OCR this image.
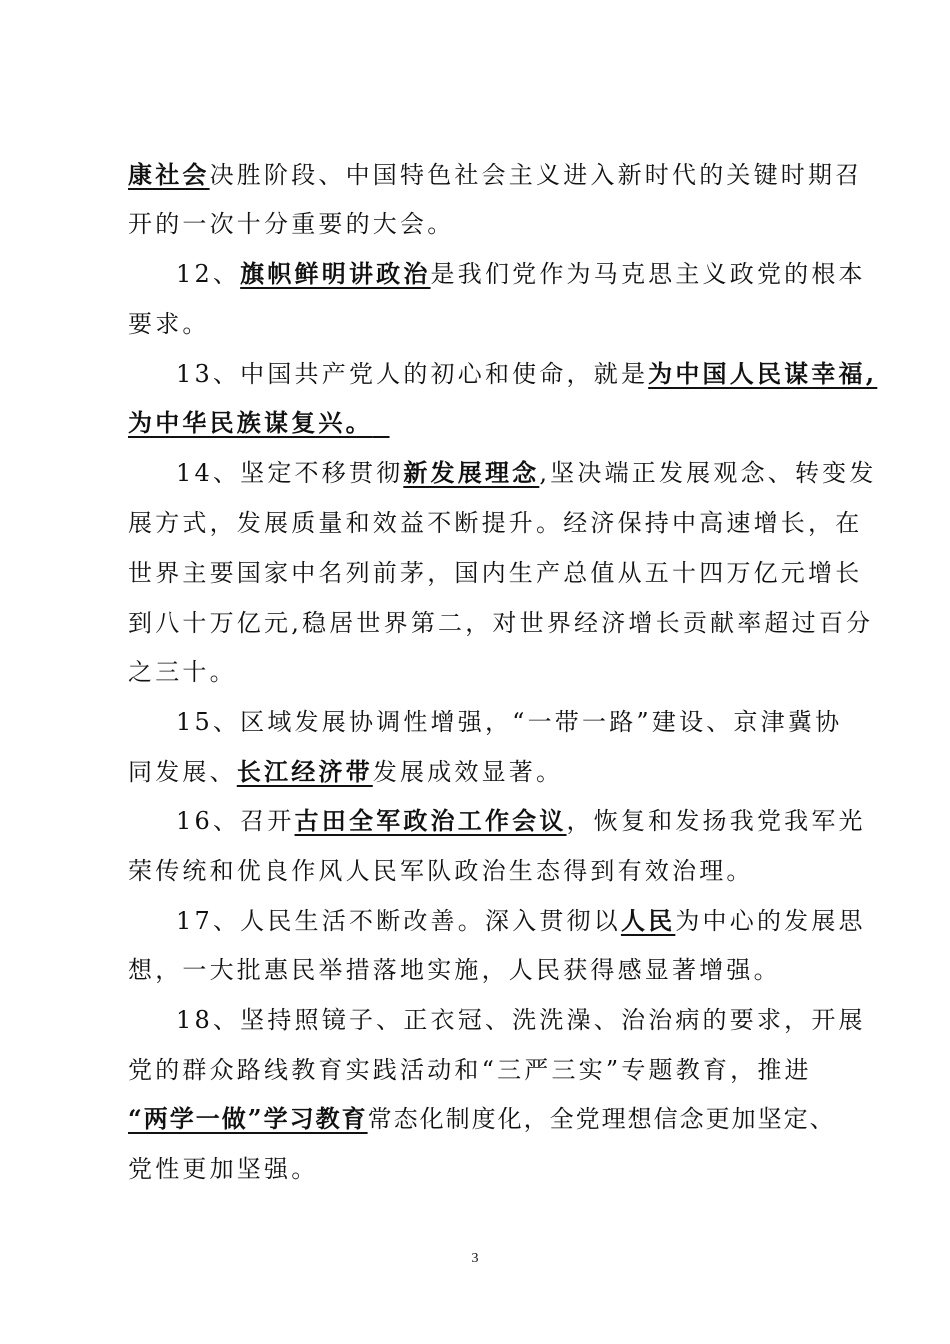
康社会决胜阶段、中国特色社会主义进入新时代的关键时期召
开的一次十分重要的大会。
12、旗帜鲜明讲政治是我们党作为马克思主义政党的根本
要求。
13、中国共产党人的初心和使命，就是为中国人民谋幸福,
为中华民族谋复兴。
14、坚定不移贯彻新发展理念,坚决端正发展观念、转变发
展方式，发展质量和效益不断提升。经济保持中高速增长，在
世界主要国家中名列前茅，国内生产总值从五十四万亿元增长
到八十万亿元,稳居世界第二，对世界经济增长贡献率超过百分
之三十。
15、区域发展协调性增强，“一带一路”建设、京津冀协
同发展、长江经济带发展成效显著。
16、召开古田全军政治工作会议，恢复和发扬我党我军光
荣传统和优良作风人民军队政治生态得到有效治理。
17、人民生活不断改善。深入贯彻以人民为中心的发展思
想，一大批惠民举措落地实施，人民获得感显著增强。
18、坚持照镜子、正衣冠、洗洗澡、治治病的要求，开展
党的群众路线教育实践活动和“三严三实”专题教育，推进
“两学一做”学习教育常态化制度化，全党理想信念更加坚定、
党性更加坚强。
3
